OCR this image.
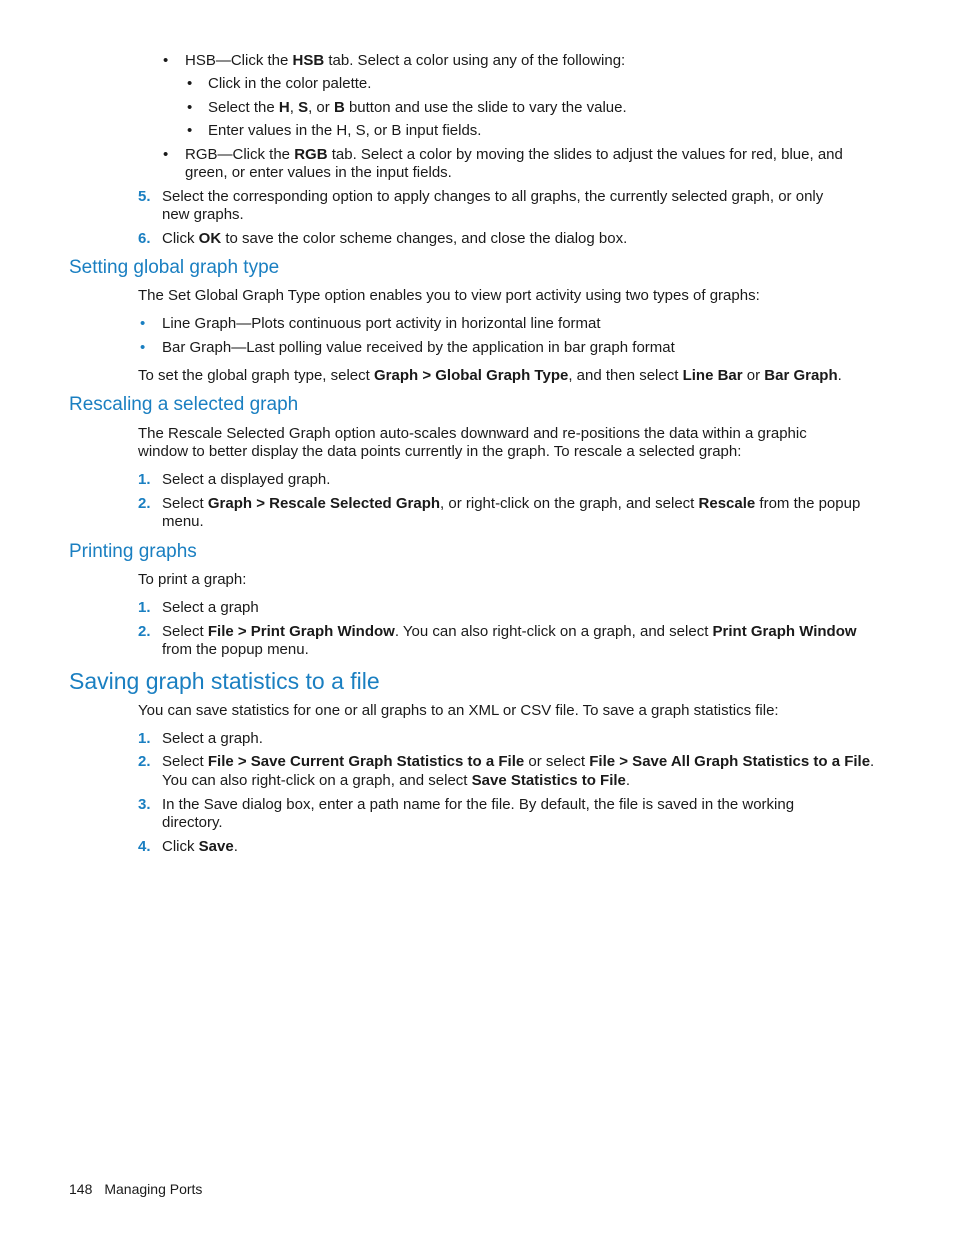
• HSB—Click the HSB tab. Select a color using any of the following:
• Click in the color palette.
• Select the H, S, or B button and use the slide to vary the value.
• Enter values in the H, S, or B input fields.
• RGB—Click the RGB tab. Select a color by moving the slides to adjust the values for red, blue, and
green, or enter values in the input fields.
5. Select the corresponding option to apply changes to all graphs, the currently selected graph, or only
new graphs.
6. Click OK to save the color scheme changes, and close the dialog box.
Setting global graph type
The Set Global Graph Type option enables you to view port activity using two types of graphs:
• Line Graph—Plots continuous port activity in horizontal line format
• Bar Graph—Last polling value received by the application in bar graph format
To set the global graph type, select Graph > Global Graph Type, and then select Line Bar or Bar Graph.
Rescaling a selected graph
The Rescale Selected Graph option auto-scales downward and re-positions the data within a graphic
window to better display the data points currently in the graph. To rescale a selected graph:
1. Select a displayed graph.
2. Select Graph > Rescale Selected Graph, or right-click on the graph, and select Rescale from the popup
menu.
Printing graphs
To print a graph:
1. Select a graph
2. Select File > Print Graph Window. You can also right-click on a graph, and select Print Graph Window
from the popup menu.
Saving graph statistics to a file
You can save statistics for one or all graphs to an XML or CSV file. To save a graph statistics file:
1. Select a graph.
2. Select File > Save Current Graph Statistics to a File or select File > Save All Graph Statistics to a File.
You can also right-click on a graph, and select Save Statistics to File.
3. In the Save dialog box, enter a path name for the file. By default, the file is saved in the working
directory.
4. Click Save.
148 Managing Ports
